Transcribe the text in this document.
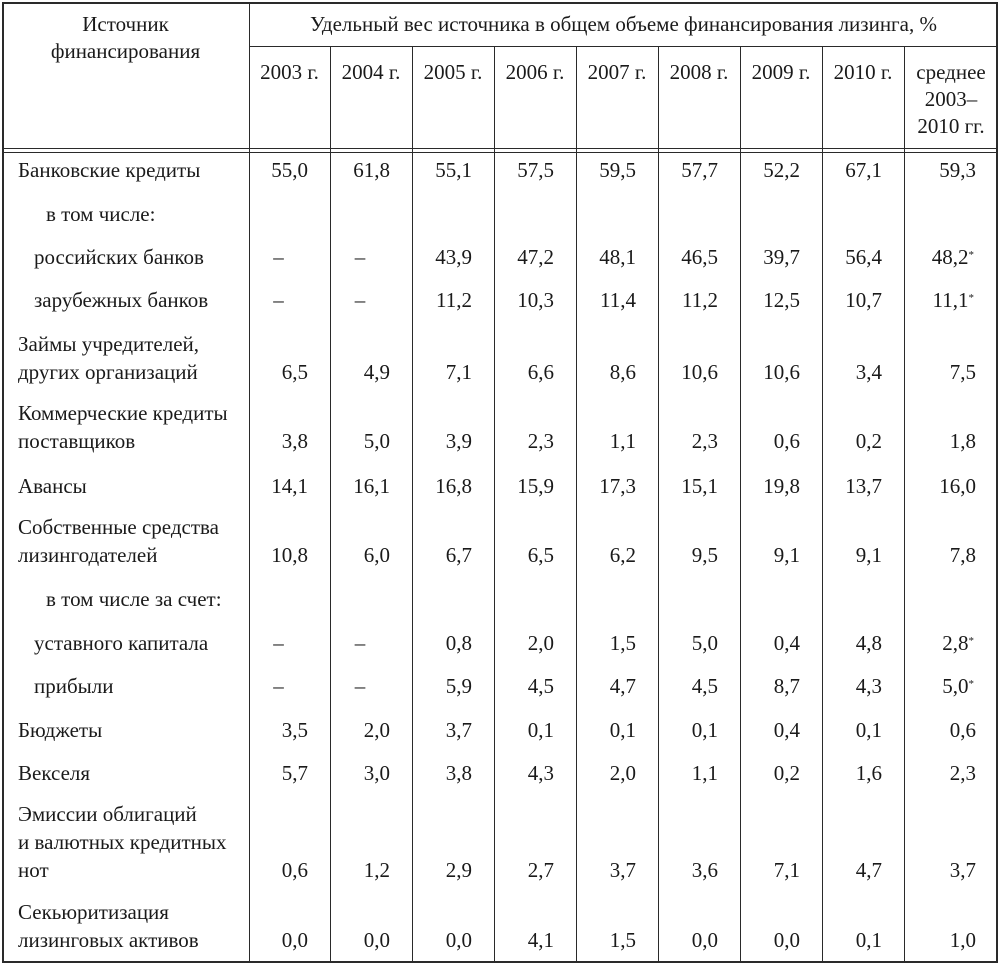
Источник
финансирования
Удельный вес источника в общем объеме финансирования лизинга, %
2003 г.	2004 г.	2005 г.	2006 г.	2007 г.	2008 г.	2009 г.	2010 г.	среднее
2003–
2010 гг.
Банковские кредиты	55,0	61,8	55,1	57,5	59,5	57,7	52,2	67,1	59,3
в том числе:
российских банков	–	–	43,9	47,2	48,1	46,5	39,7	56,4	48,2*
зарубежных банков	–	–	11,2	10,3	11,4	11,2	12,5	10,7	11,1*
Займы учредителей,
других организаций	6,5	4,9	7,1	6,6	8,6	10,6	10,6	3,4	7,5
Коммерческие кредиты
поставщиков	3,8	5,0	3,9	2,3	1,1	2,3	0,6	0,2	1,8
Авансы	14,1	16,1	16,8	15,9	17,3	15,1	19,8	13,7	16,0
Собственные средства
лизингодателей	10,8	6,0	6,7	6,5	6,2	9,5	9,1	9,1	7,8
в том числе за счет:
уставного капитала	–	–	0,8	2,0	1,5	5,0	0,4	4,8	2,8*
прибыли	–	–	5,9	4,5	4,7	4,5	8,7	4,3	5,0*
Бюджеты	3,5	2,0	3,7	0,1	0,1	0,1	0,4	0,1	0,6
Векселя	5,7	3,0	3,8	4,3	2,0	1,1	0,2	1,6	2,3
Эмиссии облигаций
и валютных кредитных
нот	0,6	1,2	2,9	2,7	3,7	3,6	7,1	4,7	3,7
Секьюритизация
лизинговых активов	0,0	0,0	0,0	4,1	1,5	0,0	0,0	0,1	1,0
